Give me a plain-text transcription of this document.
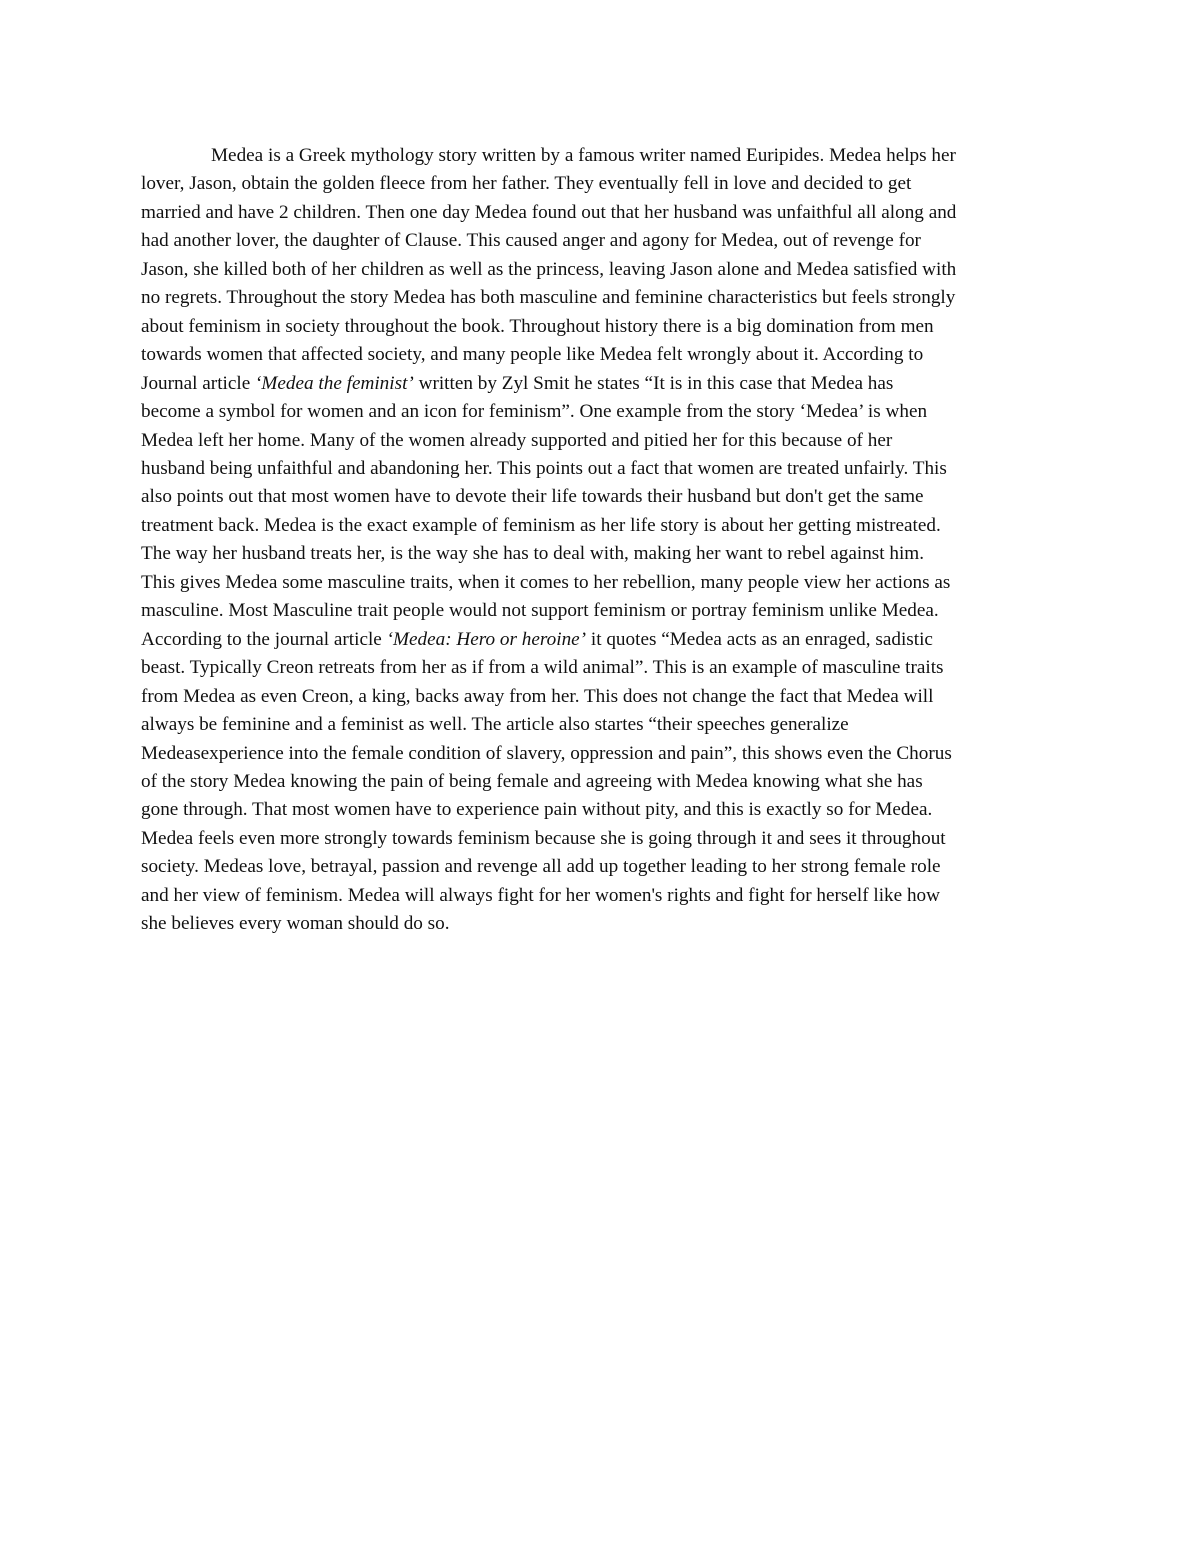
Medea is a Greek mythology story written by a famous writer named Euripides. Medea helps her
lover, Jason, obtain the golden fleece from her father. They eventually fell in love and decided to get
married and have 2 children. Then one day Medea found out that her husband was unfaithful all along and
had another lover, the daughter of Clause. This caused anger and agony for Medea, out of revenge for
Jason, she killed both of her children as well as the princess, leaving Jason alone and Medea satisfied with
no regrets. Throughout the story Medea has both masculine and feminine characteristics but feels strongly
about feminism in society throughout the book. Throughout history there is a big domination from men
towards women that affected society, and many people like Medea felt wrongly about it. According to
Journal article ‘Medea the feminist’ written by Zyl Smit he states “It is in this case that Medea has
become a symbol for women and an icon for feminism”. One example from the story ‘Medea’ is when
Medea left her home. Many of the women already supported and pitied her for this because of her
husband being unfaithful and abandoning her. This points out a fact that women are treated unfairly. This
also points out that most women have to devote their life towards their husband but don't get the same
treatment back. Medea is the exact example of feminism as her life story is about her getting mistreated.
The way her husband treats her, is the way she has to deal with, making her want to rebel against him.
This gives Medea some masculine traits, when it comes to her rebellion, many people view her actions as
masculine. Most Masculine trait people would not support feminism or portray feminism unlike Medea.
According to the journal article ‘Medea: Hero or heroine’ it quotes “Medea acts as an enraged, sadistic
beast. Typically Creon retreats from her as if from a wild animal”. This is an example of masculine traits
from Medea as even Creon, a king, backs away from her. This does not change the fact that Medea will
always be feminine and a feminist as well. The article also startes “their speeches generalize
Medeasexperience into the female condition of slavery, oppression and pain”, this shows even the Chorus
of the story Medea knowing the pain of being female and agreeing with Medea knowing what she has
gone through. That most women have to experience pain without pity, and this is exactly so for Medea.
Medea feels even more strongly towards feminism because she is going through it and sees it throughout
society. Medeas love, betrayal, passion and revenge all add up together leading to her strong female role
and her view of feminism. Medea will always fight for her women's rights and fight for herself like how
she believes every woman should do so.
